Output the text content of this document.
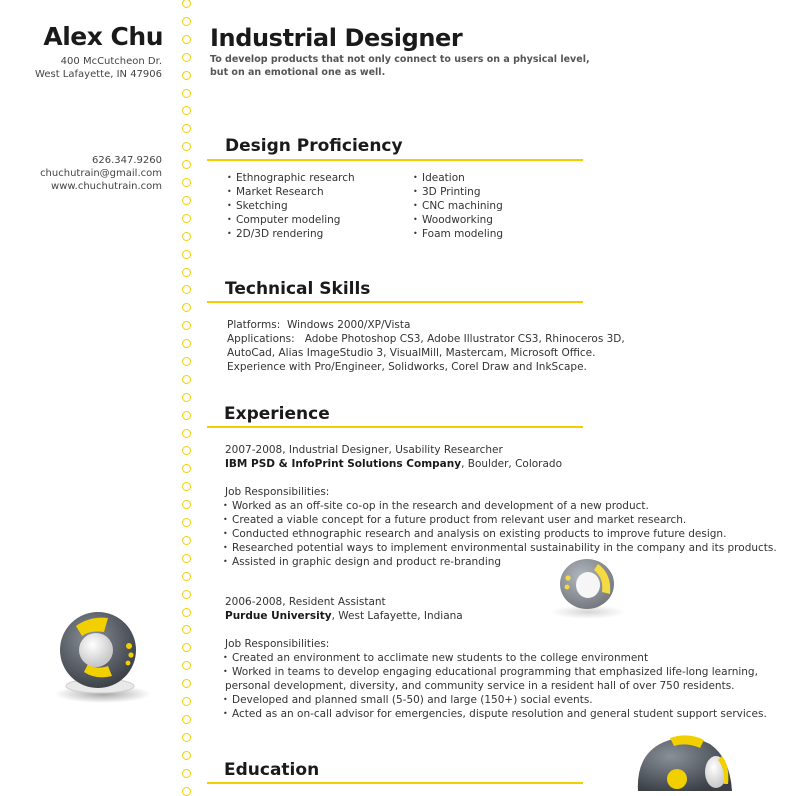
Alex Chu
400 McCutcheon Dr.
West Lafayette, IN 47906
626.347.9260
chuchutrain@gmail.com
www.chuchutrain.com
Industrial Designer
To develop products that not only connect to users on a physical level,
but on an emotional one as well.
Design Proficiency
• Ethnographic research
• Market Research
• Sketching
• Computer modeling
• 2D/3D rendering
• Ideation
• 3D Printing
• CNC machining
• Woodworking
• Foam modeling
Technical Skills
Platforms: Windows 2000/XP/Vista
Applications: Adobe Photoshop CS3, Adobe Illustrator CS3, Rhinoceros 3D,
AutoCad, Alias ImageStudio 3, VisualMill, Mastercam, Microsoft Office.
Experience with Pro/Engineer, Solidworks, Corel Draw and InkScape.
Experience
2007-2008, Industrial Designer, Usability Researcher
IBM PSD & InfoPrint Solutions Company, Boulder, Colorado
Job Responsibilities:
• Worked as an off-site co-op in the research and development of a new product.
• Created a viable concept for a future product from relevant user and market research.
• Conducted ethnographic research and analysis on existing products to improve future design.
• Researched potential ways to implement environmental sustainability in the company and its products.
• Assisted in graphic design and product re-branding
2006-2008, Resident Assistant
Purdue University, West Lafayette, Indiana
Job Responsibilities:
• Created an environment to acclimate new students to the college environment
• Worked in teams to develop engaging educational programming that emphasized life-long learning,
personal development, diversity, and community service in a resident hall of over 750 residents.
• Developed and planned small (5-50) and large (150+) social events.
• Acted as an on-call advisor for emergencies, dispute resolution and general student support services.
Education
